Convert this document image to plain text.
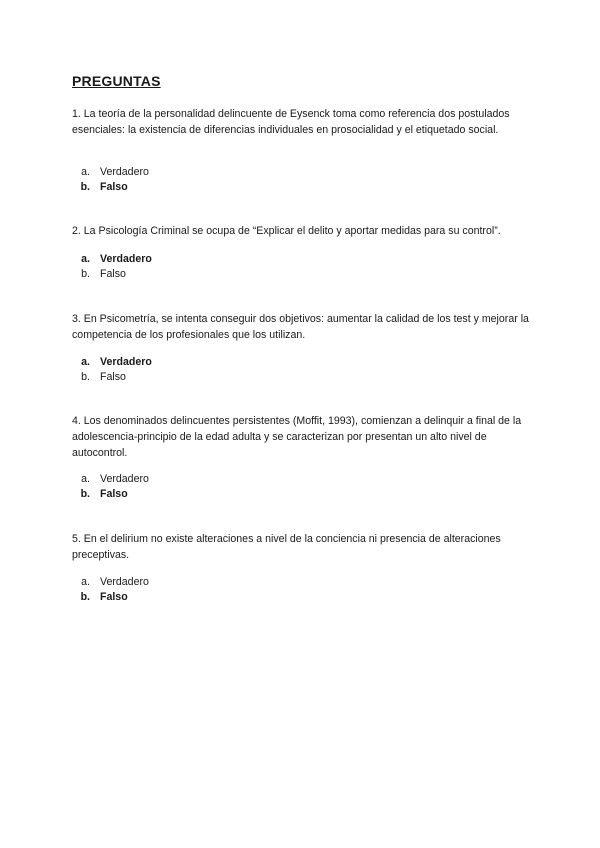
PREGUNTAS

1. La teoría de la personalidad delincuente de Eysenck toma como referencia dos postulados esenciales: la existencia de diferencias individuales en prosocialidad y el etiquetado social.

a. Verdadero
b. Falso

2. La Psicología Criminal se ocupa de “Explicar el delito y aportar medidas para su control”.

a. Verdadero
b. Falso

3. En Psicometría, se intenta conseguir dos objetivos: aumentar la calidad de los test y mejorar la competencia de los profesionales que los utilizan.

a. Verdadero
b. Falso

4. Los denominados delincuentes persistentes (Moffit, 1993), comienzan a delinquir a final de la adolescencia-principio de la edad adulta y se caracterizan por presentan un alto nivel de autocontrol.

a. Verdadero
b. Falso

5. En el delirium no existe alteraciones a nivel de la conciencia ni presencia de alteraciones preceptivas.

a. Verdadero
b. Falso
